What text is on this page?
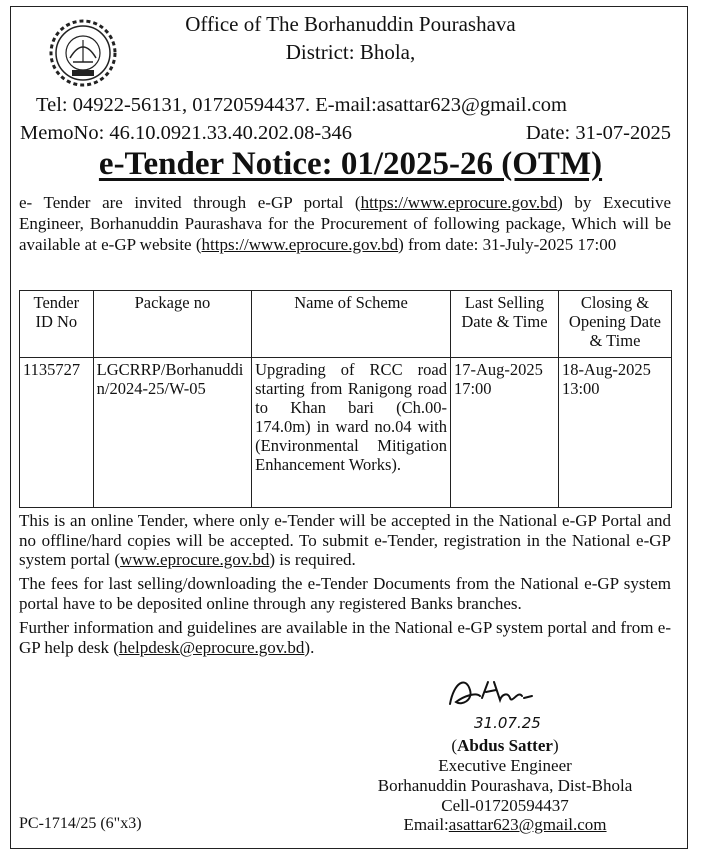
Office of The Borhanuddin Pourashava
District: Bhola,
Tel: 04922-56131, 01720594437. E-mail:asattar623@gmail.com
MemoNo: 46.10.0921.33.40.202.08-346	Date: 31-07-2025
e-Tender Notice: 01/2025-26 (OTM)
e- Tender are invited through e-GP portal (https://www.eprocure.gov.bd) by Executive Engineer, Borhanuddin Paurashava for the Procurement of following package, Which will be available at e-GP website (https://www.eprocure.gov.bd) from date: 31-July-2025 17:00
Tender ID No	Package no	Name of Scheme	Last Selling Date & Time	Closing & Opening Date & Time
1135727	LGCRRP/Borhanuddin/2024-25/W-05	Upgrading of RCC road starting from Ranigong road to Khan bari (Ch.00-174.0m) in ward no.04 with (Environmental Mitigation Enhancement Works).	17-Aug-2025 17:00	18-Aug-2025 13:00
This is an online Tender, where only e-Tender will be accepted in the National e-GP Portal and no offline/hard copies will be accepted. To submit e-Tender, registration in the National e-GP system portal (www.eprocure.gov.bd) is required.
The fees for last selling/downloading the e-Tender Documents from the National e-GP system portal have to be deposited online through any registered Banks branches.
Further information and guidelines are available in the National e-GP system portal and from e-GP help desk (helpdesk@eprocure.gov.bd).
31.07.25
(Abdus Satter)
Executive Engineer
Borhanuddin Pourashava, Dist-Bhola
Cell-01720594437
Email:asattar623@gmail.com
PC-1714/25 (6"x3)
